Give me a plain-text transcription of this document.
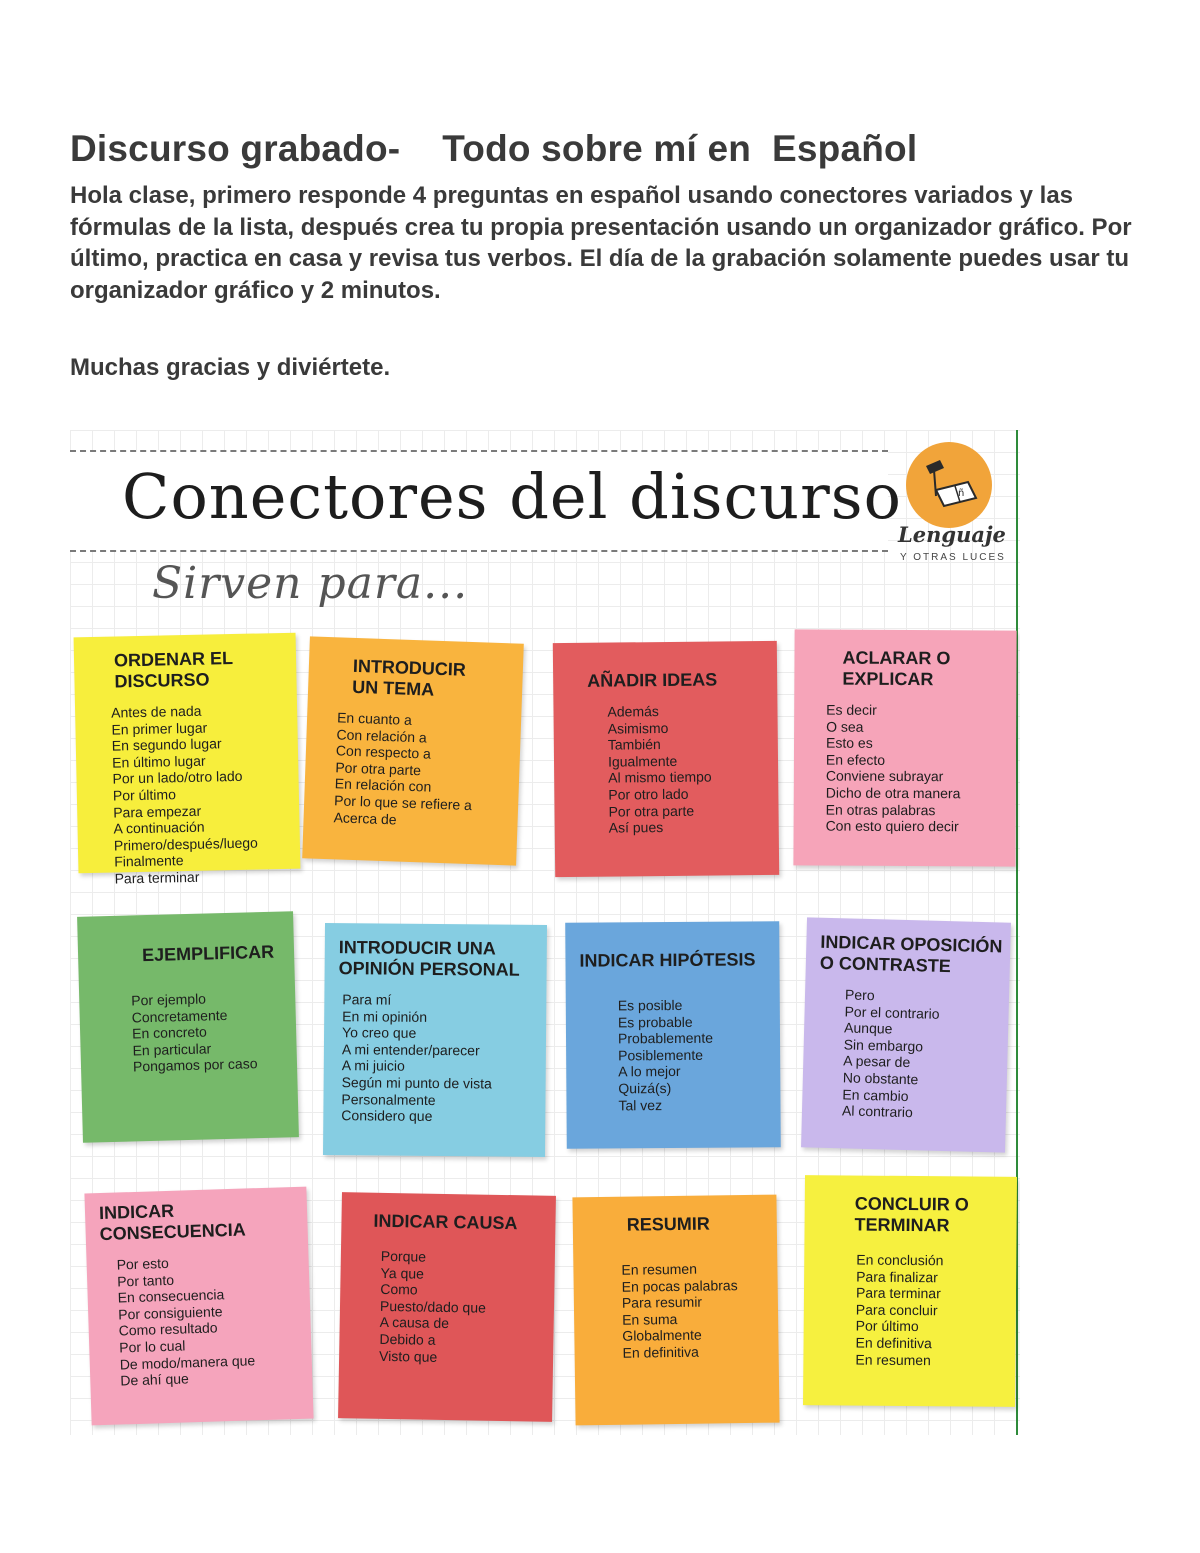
Discurso grabado-    Todo sobre mí en  Español
Hola clase, primero responde 4 preguntas en español usando conectores variados y las fórmulas de la lista, después crea tu propia presentación usando un organizador gráfico. Por último, practica en casa y revisa tus verbos. El día de la grabación solamente puedes usar tu organizador gráfico y 2 minutos.
Muchas gracias y diviértete.
Conectores del discurso	ñ
Lenguaje
Y OTRAS LUCES
Sirven para...
ORDENAR EL DISCURSO
Antes de nada
En primer lugar
En segundo lugar
En último lugar
Por un lado/otro lado
Por último
Para empezar
A continuación
Primero/después/luego
Finalmente
Para terminar
INTRODUCIR UN TEMA
En cuanto a
Con relación a
Con respecto a
Por otra parte
En relación con
Por lo que se refiere a
Acerca de
AÑADIR IDEAS
Además
Asimismo
También
Igualmente
Al mismo tiempo
Por otro lado
Por otra parte
Así pues
ACLARAR O EXPLICAR
Es decir
O sea
Esto es
En efecto
Conviene subrayar
Dicho de otra manera
En otras palabras
Con esto quiero decir
EJEMPLIFICAR
Por ejemplo
Concretamente
En concreto
En particular
Pongamos por caso
INTRODUCIR UNA OPINIÓN PERSONAL
Para mí
En mi opinión
Yo creo que
A mi entender/parecer
A mi juicio
Según mi punto de vista
Personalmente
Considero que
INDICAR HIPÓTESIS
Es posible
Es probable
Probablemente
Posiblemente
A lo mejor
Quizá(s)
Tal vez
INDICAR OPOSICIÓN O CONTRASTE
Pero
Por el contrario
Aunque
Sin embargo
A pesar de
No obstante
En cambio
Al contrario
INDICAR CONSECUENCIA
Por esto
Por tanto
En consecuencia
Por consiguiente
Como resultado
Por lo cual
De modo/manera que
De ahí que
INDICAR CAUSA
Porque
Ya que
Como
Puesto/dado que
A causa de
Debido a
Visto que
RESUMIR
En resumen
En pocas palabras
Para resumir
En suma
Globalmente
En definitiva
CONCLUIR O TERMINAR
En conclusión
Para finalizar
Para terminar
Para concluir
Por último
En definitiva
En resumen
